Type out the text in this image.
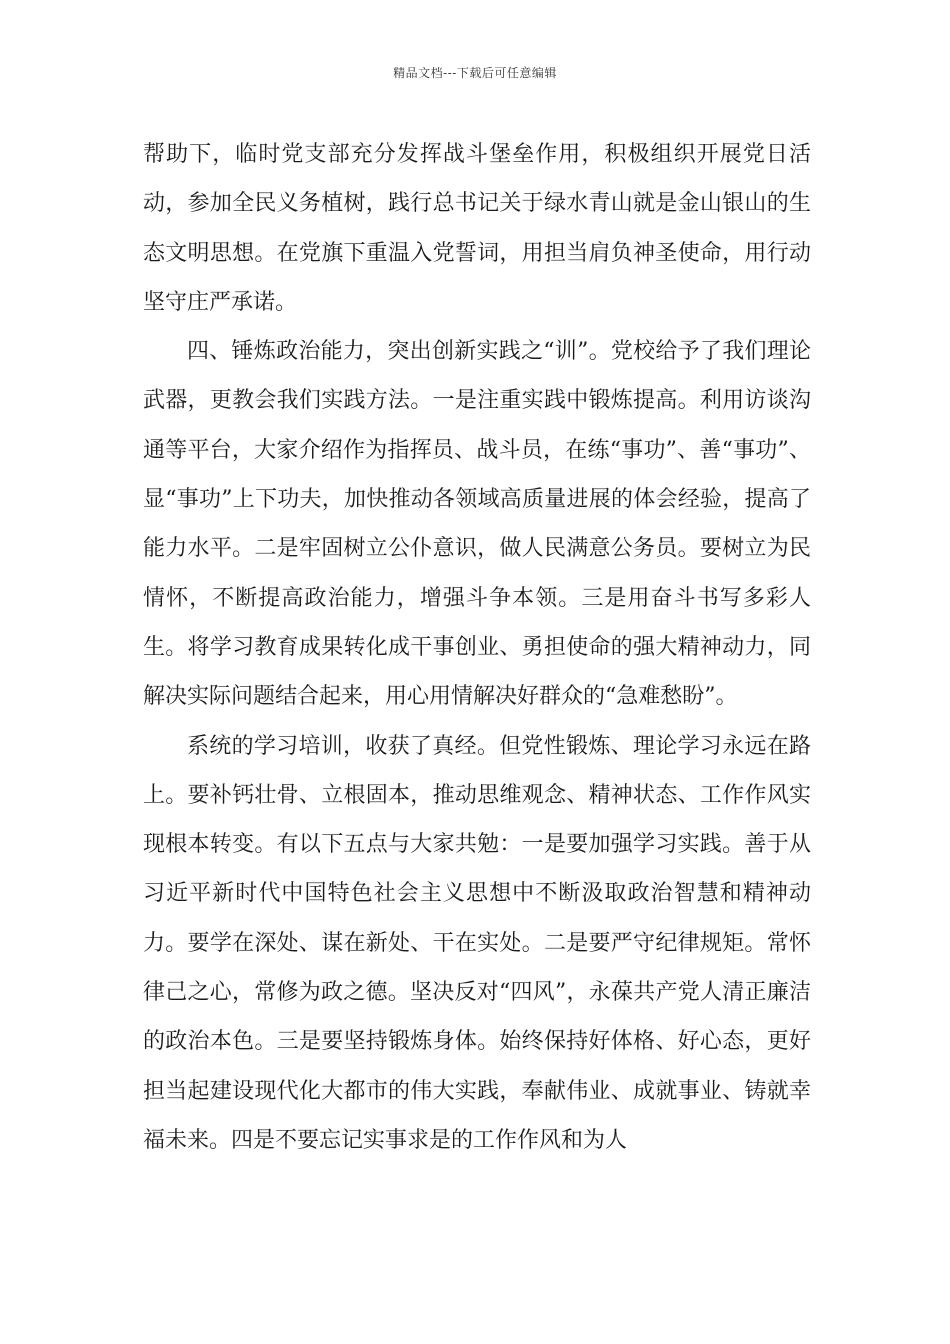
精品文档---下载后可任意编辑

帮助下，临时党支部充分发挥战斗堡垒作用，积极组织开展党日活动，参加全民义务植树，践行总书记关于绿水青山就是金山银山的生态文明思想。在党旗下重温入党誓词，用担当肩负神圣使命，用行动坚守庄严承诺。

四、锤炼政治能力，突出创新实践之“训”。党校给予了我们理论武器，更教会我们实践方法。一是注重实践中锻炼提高。利用访谈沟通等平台，大家介绍作为指挥员、战斗员，在练“事功”、善“事功”、显“事功”上下功夫，加快推动各领域高质量进展的体会经验，提高了能力水平。二是牢固树立公仆意识，做人民满意公务员。要树立为民情怀，不断提高政治能力，增强斗争本领。三是用奋斗书写多彩人生。将学习教育成果转化成干事创业、勇担使命的强大精神动力，同解决实际问题结合起来，用心用情解决好群众的“急难愁盼”。

系统的学习培训，收获了真经。但党性锻炼、理论学习永远在路上。要补钙壮骨、立根固本，推动思维观念、精神状态、工作作风实现根本转变。有以下五点与大家共勉：一是要加强学习实践。善于从习近平新时代中国特色社会主义思想中不断汲取政治智慧和精神动力。要学在深处、谋在新处、干在实处。二是要严守纪律规矩。常怀律己之心，常修为政之德。坚决反对“四风”，永葆共产党人清正廉洁的政治本色。三是要坚持锻炼身体。始终保持好体格、好心态，更好担当起建设现代化大都市的伟大实践，奉献伟业、成就事业、铸就幸福未来。四是不要忘记实事求是的工作作风和为人
